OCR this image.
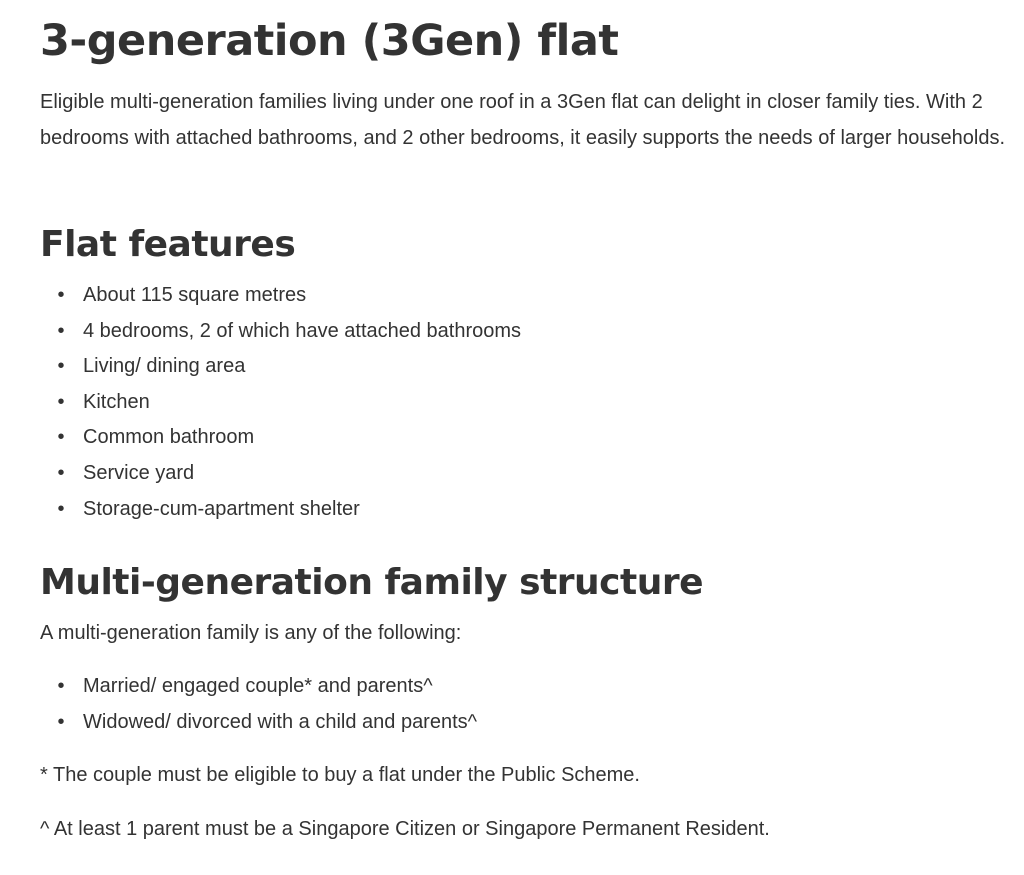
3-generation (3Gen) flat

Eligible multi-generation families living under one roof in a 3Gen flat can delight in closer family ties. With 2 bedrooms with attached bathrooms, and 2 other bedrooms, it easily supports the needs of larger households.

Flat features
• About 115 square metres
• 4 bedrooms, 2 of which have attached bathrooms
• Living/ dining area
• Kitchen
• Common bathroom
• Service yard
• Storage-cum-apartment shelter
Multi-generation family structure

A multi-generation family is any of the following:

• Married/ engaged couple* and parents^
• Widowed/ divorced with a child and parents^

* The couple must be eligible to buy a flat under the Public Scheme.

^ At least 1 parent must be a Singapore Citizen or Singapore Permanent Resident.
